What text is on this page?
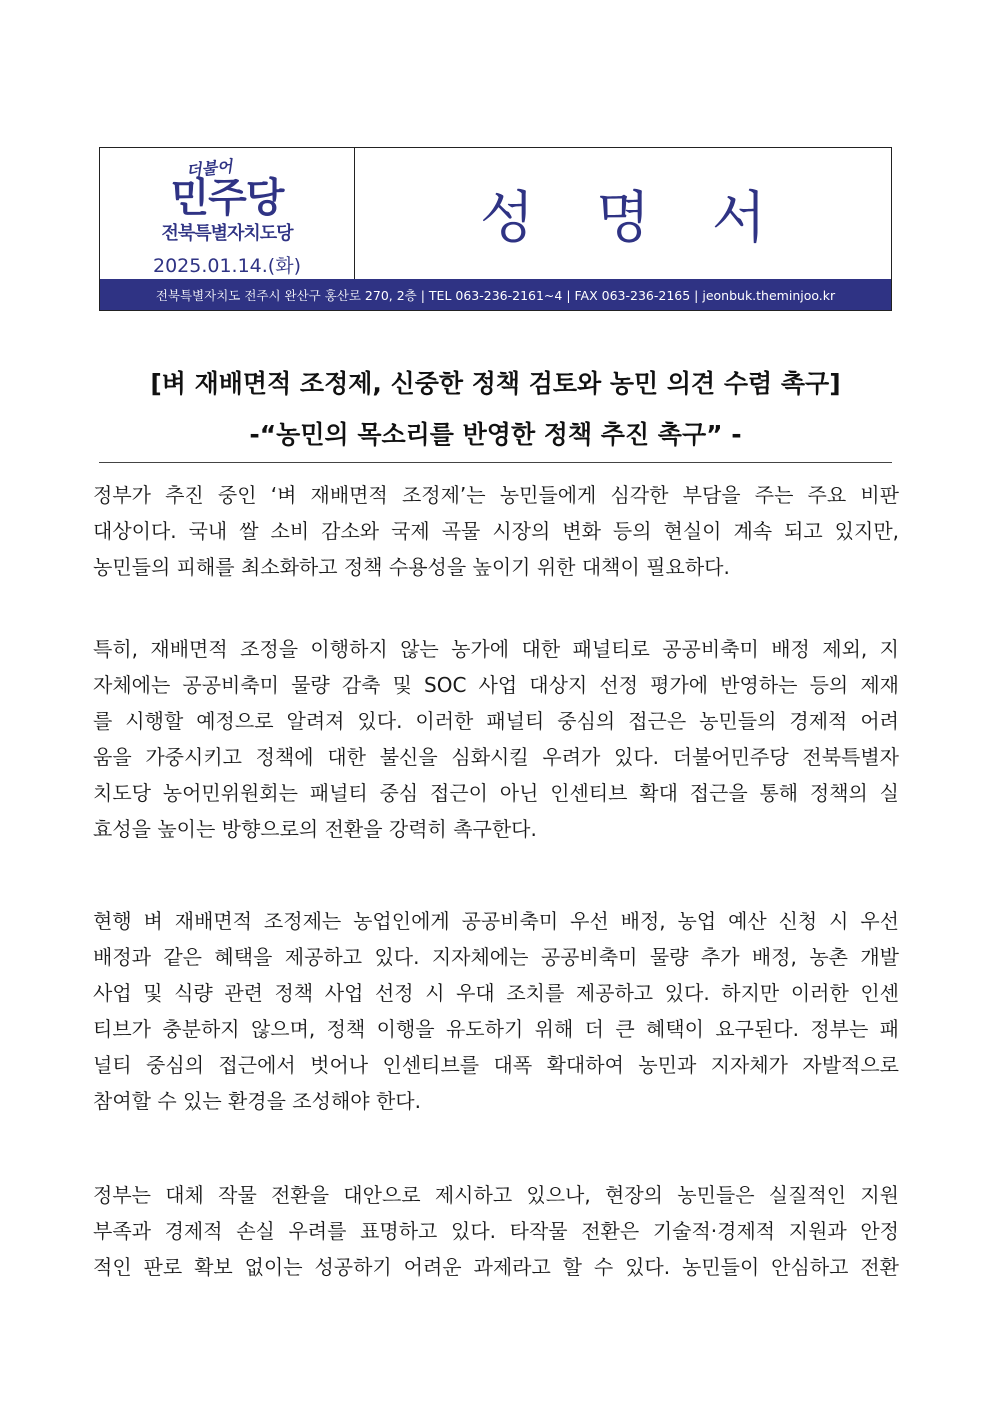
더불어
민주당
전북특별자치도당
2025.01.14.(화)
성 명 서
전북특별자치도 전주시 완산구 홍산로 270, 2층 | TEL 063-236-2161~4 | FAX 063-236-2165 | jeonbuk.theminjoo.kr
[벼 재배면적 조정제, 신중한 정책 검토와 농민 의견 수렴 촉구]
-“농민의 목소리를 반영한 정책 추진 촉구” -
정부가 추진 중인 ‘벼 재배면적 조정제’는 농민들에게 심각한 부담을 주는 주요 비판
대상이다. 국내 쌀 소비 감소와 국제 곡물 시장의 변화 등의 현실이 계속 되고 있지만,
농민들의 피해를 최소화하고 정책 수용성을 높이기 위한 대책이 필요하다.
특히, 재배면적 조정을 이행하지 않는 농가에 대한 패널티로 공공비축미 배정 제외, 지
자체에는 공공비축미 물량 감축 및 SOC 사업 대상지 선정 평가에 반영하는 등의 제재
를 시행할 예정으로 알려져 있다. 이러한 패널티 중심의 접근은 농민들의 경제적 어려
움을 가중시키고 정책에 대한 불신을 심화시킬 우려가 있다. 더불어민주당 전북특별자
치도당 농어민위원회는 패널티 중심 접근이 아닌 인센티브 확대 접근을 통해 정책의 실
효성을 높이는 방향으로의 전환을 강력히 촉구한다.
현행 벼 재배면적 조정제는 농업인에게 공공비축미 우선 배정, 농업 예산 신청 시 우선
배정과 같은 혜택을 제공하고 있다. 지자체에는 공공비축미 물량 추가 배정, 농촌 개발
사업 및 식량 관련 정책 사업 선정 시 우대 조치를 제공하고 있다. 하지만 이러한 인센
티브가 충분하지 않으며, 정책 이행을 유도하기 위해 더 큰 혜택이 요구된다. 정부는 패
널티 중심의 접근에서 벗어나 인센티브를 대폭 확대하여 농민과 지자체가 자발적으로
참여할 수 있는 환경을 조성해야 한다.
정부는 대체 작물 전환을 대안으로 제시하고 있으나, 현장의 농민들은 실질적인 지원
부족과 경제적 손실 우려를 표명하고 있다. 타작물 전환은 기술적·경제적 지원과 안정
적인 판로 확보 없이는 성공하기 어려운 과제라고 할 수 있다. 농민들이 안심하고 전환
